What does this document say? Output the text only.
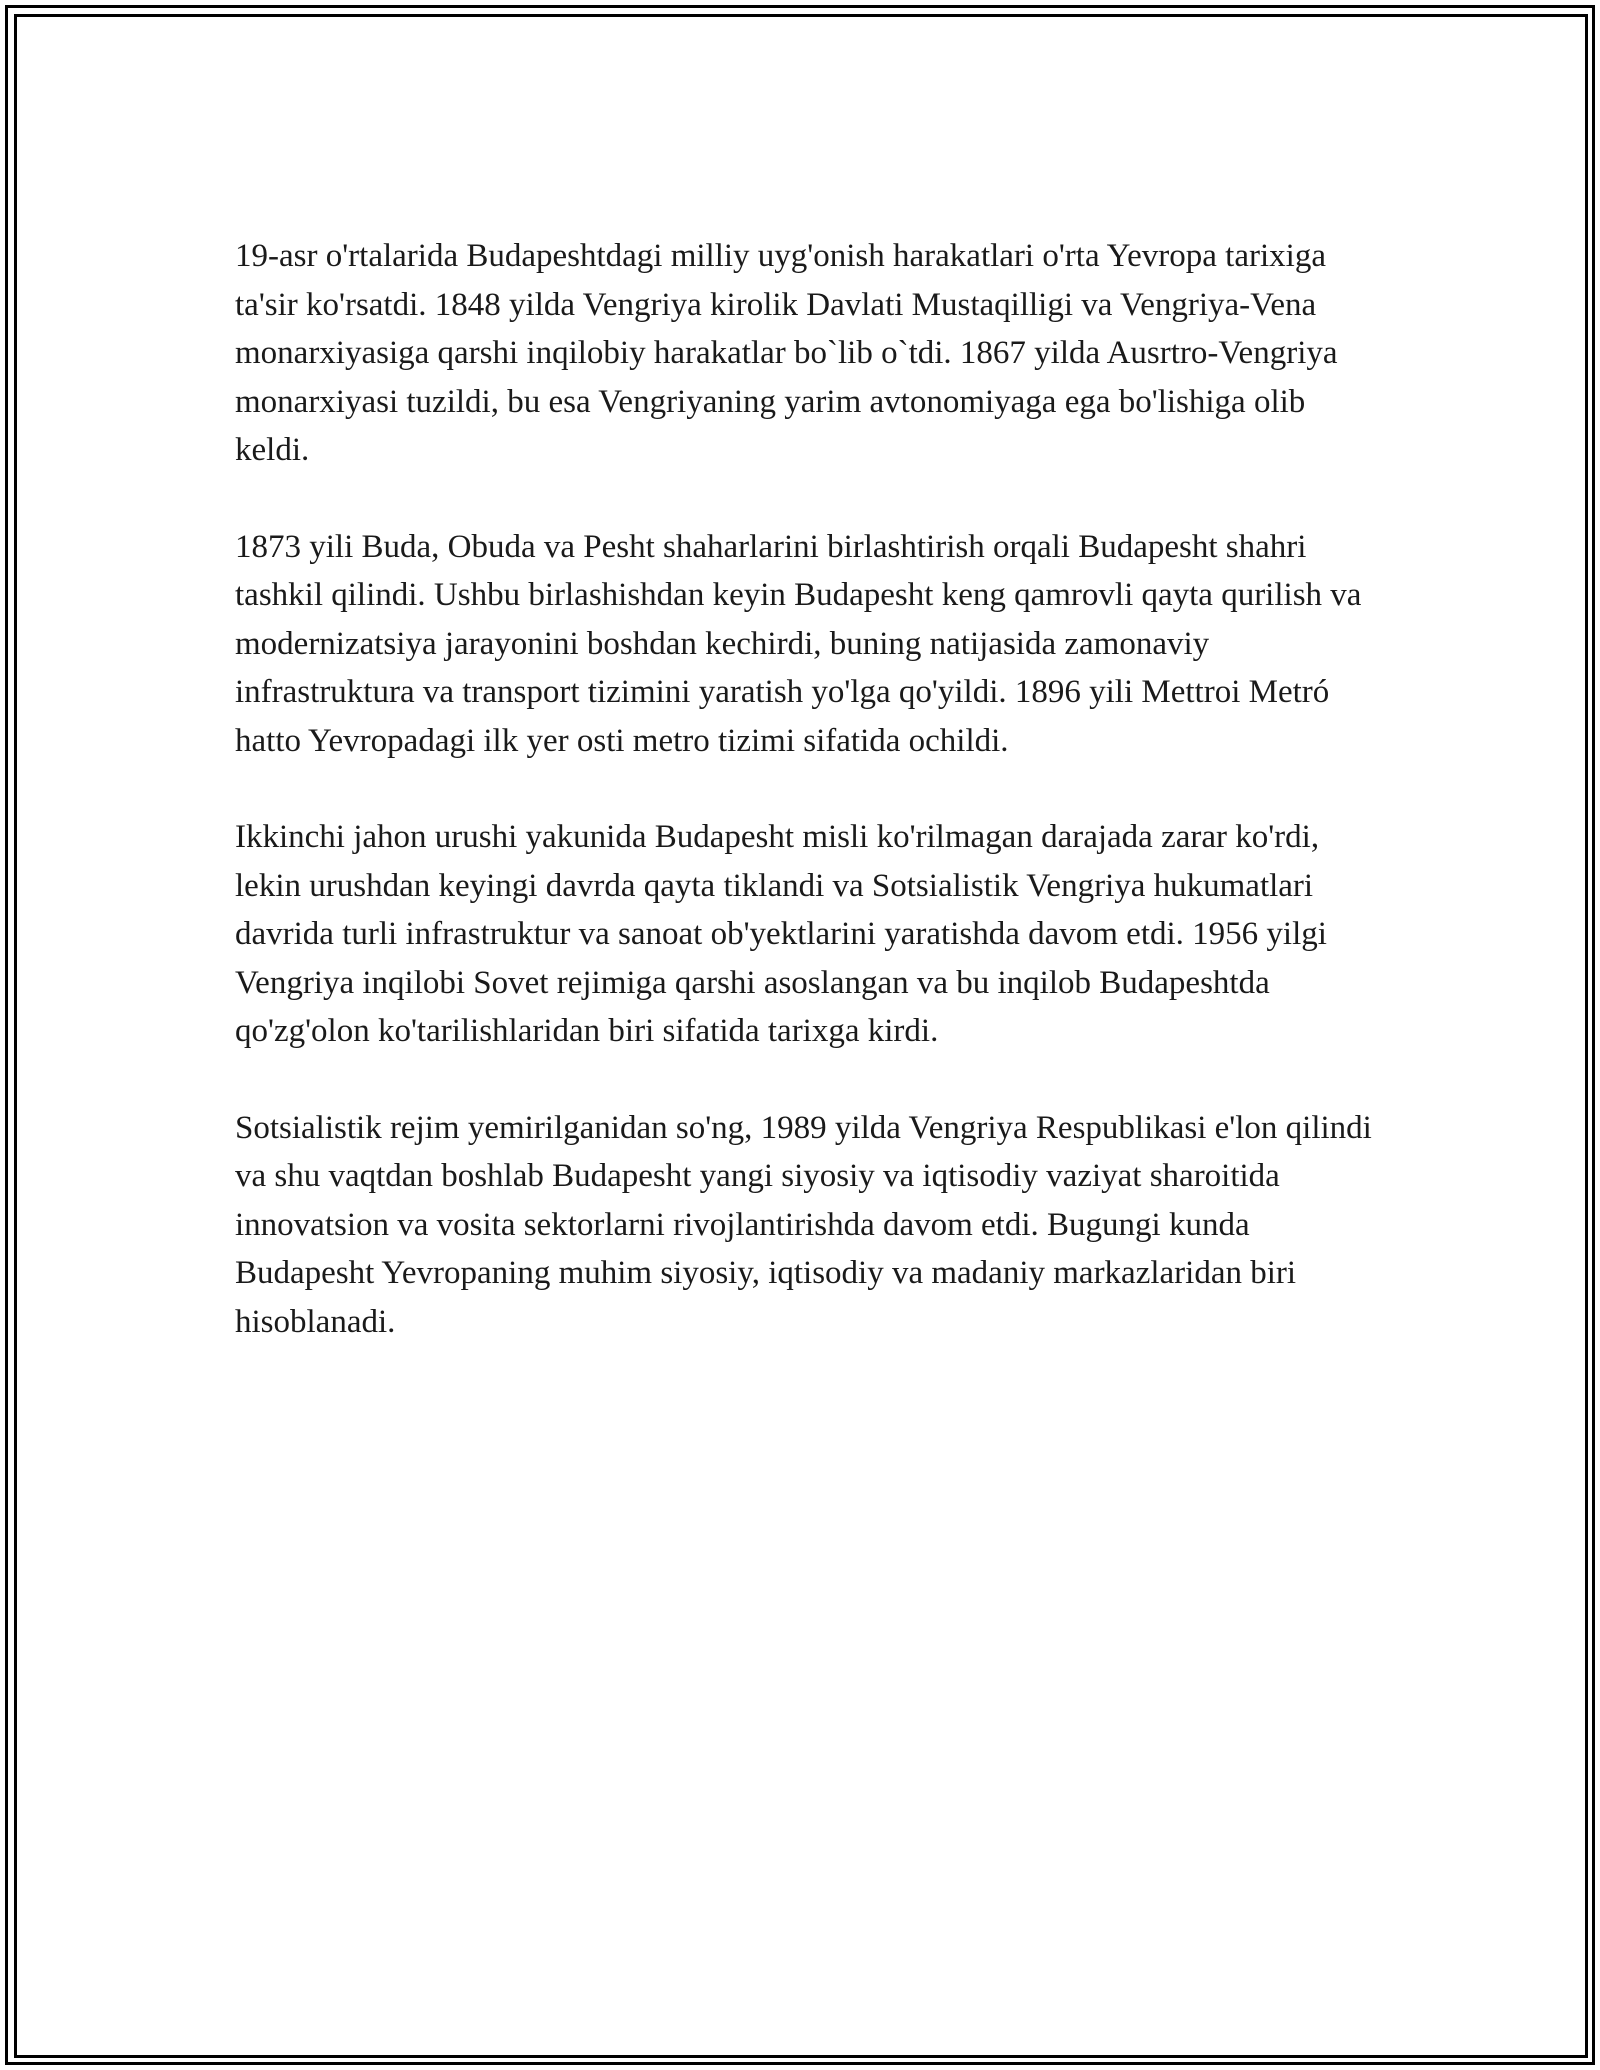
19-asr o'rtalarida Budapeshtdagi milliy uyg'onish harakatlari o'rta Yevropa tarixiga ta'sir ko'rsatdi. 1848 yilda Vengriya kirolik Davlati Mustaqilligi va Vengriya-Vena monarxiyasiga qarshi inqilobiy harakatlar bo`lib o`tdi. 1867 yilda Ausrtro-Vengriya monarxiyasi tuzildi, bu esa Vengriyaning yarim avtonomiyaga ega bo'lishiga olib keldi.

1873 yili Buda, Obuda va Pesht shaharlarini birlashtirish orqali Budapesht shahri tashkil qilindi. Ushbu birlashishdan keyin Budapesht keng qamrovli qayta qurilish va modernizatsiya jarayonini boshdan kechirdi, buning natijasida zamonaviy infrastruktura va transport tizimini yaratish yo'lga qo'yildi. 1896 yili Mettroi Metró hatto Yevropadagi ilk yer osti metro tizimi sifatida ochildi.

Ikkinchi jahon urushi yakunida Budapesht misli ko'rilmagan darajada zarar ko'rdi, lekin urushdan keyingi davrda qayta tiklandi va Sotsialistik Vengriya hukumatlari davrida turli infrastruktur va sanoat ob'yektlarini yaratishda davom etdi. 1956 yilgi Vengriya inqilobi Sovet rejimiga qarshi asoslangan va bu inqilob Budapeshtda qo'zg'olon ko'tarilishlaridan biri sifatida tarixga kirdi.

Sotsialistik rejim yemirilganidan so'ng, 1989 yilda Vengriya Respublikasi e'lon qilindi va shu vaqtdan boshlab Budapesht yangi siyosiy va iqtisodiy vaziyat sharoitida innovatsion va vosita sektorlarni rivojlantirishda davom etdi. Bugungi kunda Budapesht Yevropaning muhim siyosiy, iqtisodiy va madaniy markazlaridan biri hisoblanadi.
